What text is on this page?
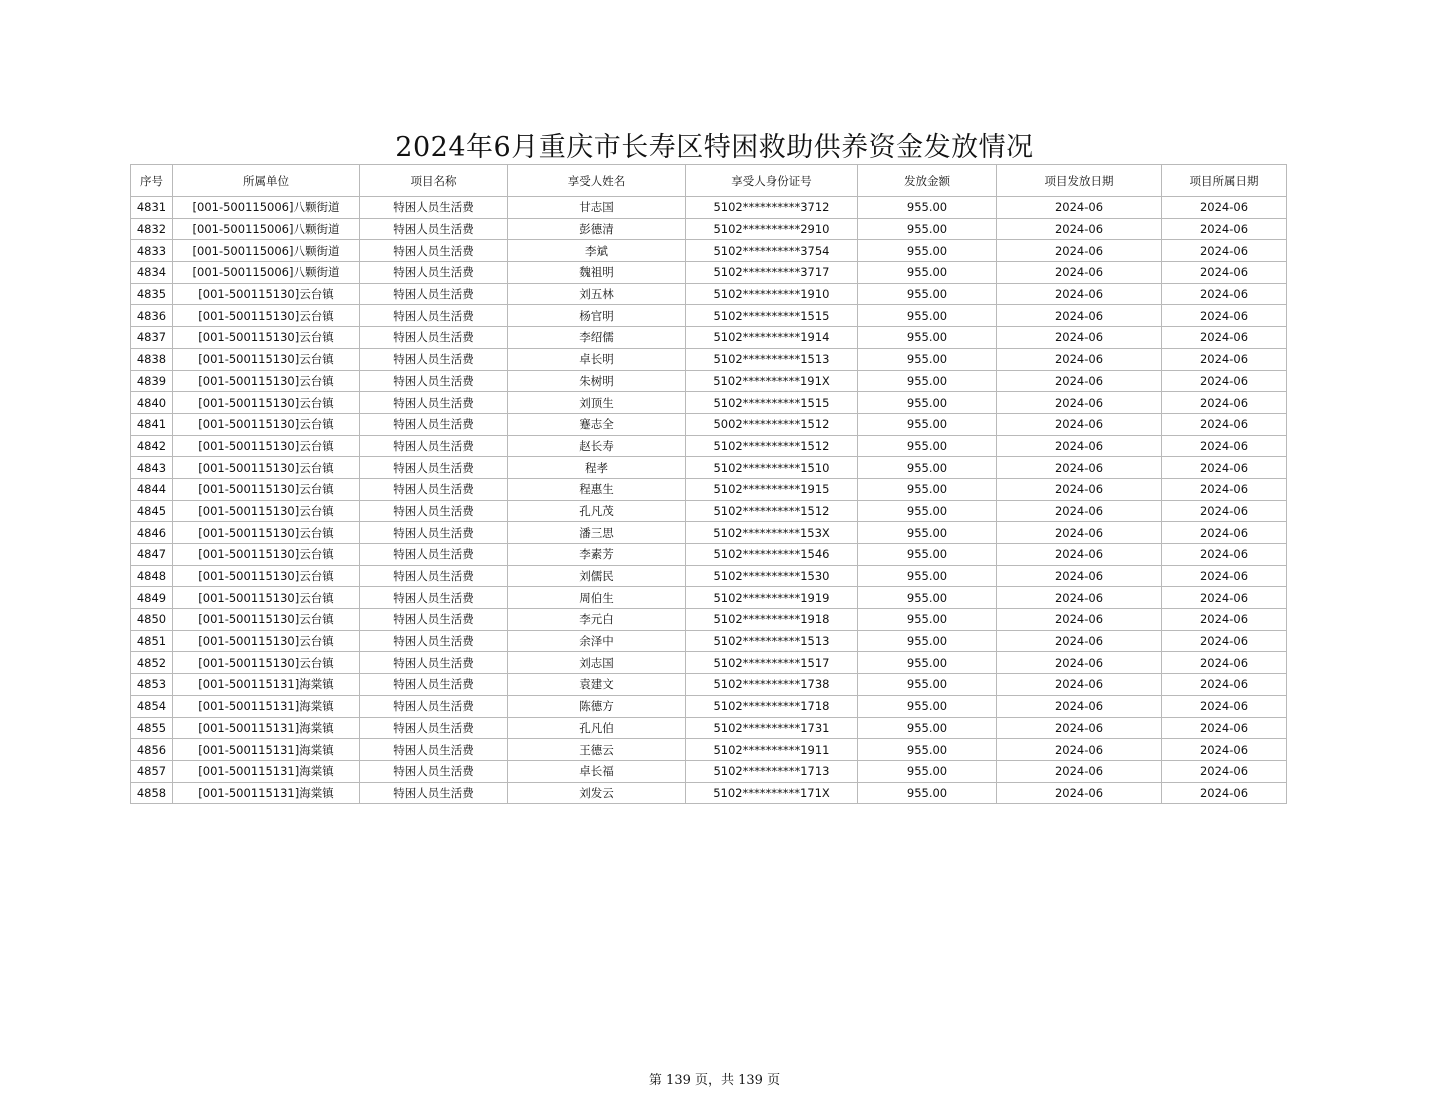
2024年6月重庆市长寿区特困救助供养资金发放情况
序号	所属单位	项目名称	享受人姓名	享受人身份证号	发放金额	项目发放日期	项目所属日期
4831	[001-500115006]八颗街道	特困人员生活费	甘志国	5102**********3712	955.00	2024-06	2024-06
4832	[001-500115006]八颗街道	特困人员生活费	彭德清	5102**********2910	955.00	2024-06	2024-06
4833	[001-500115006]八颗街道	特困人员生活费	李斌	5102**********3754	955.00	2024-06	2024-06
4834	[001-500115006]八颗街道	特困人员生活费	魏祖明	5102**********3717	955.00	2024-06	2024-06
4835	[001-500115130]云台镇	特困人员生活费	刘五林	5102**********1910	955.00	2024-06	2024-06
4836	[001-500115130]云台镇	特困人员生活费	杨官明	5102**********1515	955.00	2024-06	2024-06
4837	[001-500115130]云台镇	特困人员生活费	李绍儒	5102**********1914	955.00	2024-06	2024-06
4838	[001-500115130]云台镇	特困人员生活费	卓长明	5102**********1513	955.00	2024-06	2024-06
4839	[001-500115130]云台镇	特困人员生活费	朱树明	5102**********191X	955.00	2024-06	2024-06
4840	[001-500115130]云台镇	特困人员生活费	刘顶生	5102**********1515	955.00	2024-06	2024-06
4841	[001-500115130]云台镇	特困人员生活费	蹇志全	5002**********1512	955.00	2024-06	2024-06
4842	[001-500115130]云台镇	特困人员生活费	赵长寿	5102**********1512	955.00	2024-06	2024-06
4843	[001-500115130]云台镇	特困人员生活费	程孝	5102**********1510	955.00	2024-06	2024-06
4844	[001-500115130]云台镇	特困人员生活费	程惠生	5102**********1915	955.00	2024-06	2024-06
4845	[001-500115130]云台镇	特困人员生活费	孔凡茂	5102**********1512	955.00	2024-06	2024-06
4846	[001-500115130]云台镇	特困人员生活费	潘三思	5102**********153X	955.00	2024-06	2024-06
4847	[001-500115130]云台镇	特困人员生活费	李素芳	5102**********1546	955.00	2024-06	2024-06
4848	[001-500115130]云台镇	特困人员生活费	刘儒民	5102**********1530	955.00	2024-06	2024-06
4849	[001-500115130]云台镇	特困人员生活费	周伯生	5102**********1919	955.00	2024-06	2024-06
4850	[001-500115130]云台镇	特困人员生活费	李元白	5102**********1918	955.00	2024-06	2024-06
4851	[001-500115130]云台镇	特困人员生活费	余泽中	5102**********1513	955.00	2024-06	2024-06
4852	[001-500115130]云台镇	特困人员生活费	刘志国	5102**********1517	955.00	2024-06	2024-06
4853	[001-500115131]海棠镇	特困人员生活费	袁建文	5102**********1738	955.00	2024-06	2024-06
4854	[001-500115131]海棠镇	特困人员生活费	陈德方	5102**********1718	955.00	2024-06	2024-06
4855	[001-500115131]海棠镇	特困人员生活费	孔凡伯	5102**********1731	955.00	2024-06	2024-06
4856	[001-500115131]海棠镇	特困人员生活费	王德云	5102**********1911	955.00	2024-06	2024-06
4857	[001-500115131]海棠镇	特困人员生活费	卓长福	5102**********1713	955.00	2024-06	2024-06
4858	[001-500115131]海棠镇	特困人员生活费	刘发云	5102**********171X	955.00	2024-06	2024-06
第 139 页，共 139 页
